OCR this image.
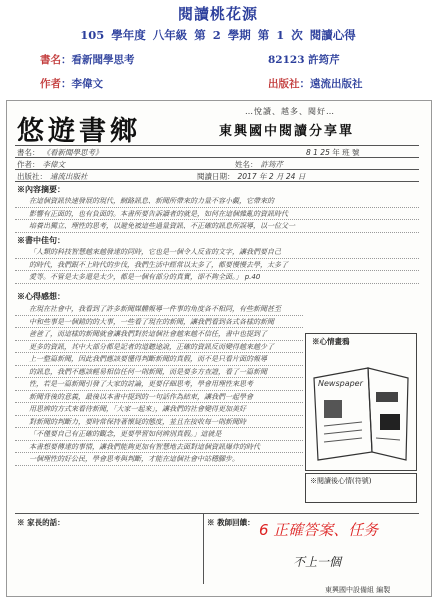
閱讀桃花源
105 學年度 八年級 第 2 學期 第 1 次 閱讀心得
書名：看新聞學思考	82123 許筠芹
作者：李偉文	出版社：遠流出版社
悠遊書鄉
…悅讀、越多、閱好…
東興國中閱讀分享單
書名： 《看新聞學思考》	8 1 25 年 班 號
作者： 李偉文	姓名： 許筠芹
出版社： 遠流出版社	閱讀日期： 2017 年 2 月 24 日
※內容摘要：
在這個資訊快速發展的現代，網路訊息、新聞所帶來的力量不容小覷，它帶來的
影響有正面的，也有負面的。本書所要告訴讀者的就是，如何在這個雜亂的資訊時代
培養出獨立、理性的思考，以避免被這些過量資訊、不正確的訊息所誤導，以一位父一
※書中佳句：
「人類的科技智慧越來越發達的同時，它也是一個令人反省的文字，讓我們要自己
的時代，我們跟不上時代的步伐，我們生活中經常以太多了，都要慢慢去學，太多了
愛等。不管是太多還是太少，都是一個有部分的真實，卻不夠全面。」 p.40
※心得感想：
在現在社會中，我看到了許多新聞媒體報導一件事的角度各不相同，有些新聞甚至
中和些事是一個錯的的大事，一些看了現在的新聞，讓我們看到各式各樣的新聞
爸爸了，而這樣的新聞就會讓我們對於這個社會越來越不信任，書中也提到了
更多的資訊，其中大部分都是記者的道聽途說，正確的資訊反而變得越來越少了
上一整篇新聞，因此我們應該要懂得判斷新聞的真假，而不是只看片面的報導
的訊息，我們不應該輕易相信任何一則新聞，而是要多方查證，看了一篇新聞
性，若是一篇新聞引發了大家的討論，更要仔細思考，學會用理性來思考
新聞背後的意義，最後以本書中提到的一句話作為結束，讓我們一起學會
用思辨的方式來看待新聞，「大家一起來」，讓我們的社會變得更加美好
對新聞的判斷力，要時常保持著懷疑的態度，並且在接收每一則新聞時
「不僅要自己有正確的觀念，更要學習如何辨別真假。」這就是
本書想要傳達的事情，讓我們能夠更加有智慧地去面對這個資訊爆炸的時代
一個理性的好公民，學會思考與判斷，才能在這個社會中站穩腳步。
※心情畫鴉
Newspaper
※閱讀後心情(符號)
※ 家長的話：	※ 教師回饋： 6 正確答案、任务
不上一個
東興國中設備組 編製
